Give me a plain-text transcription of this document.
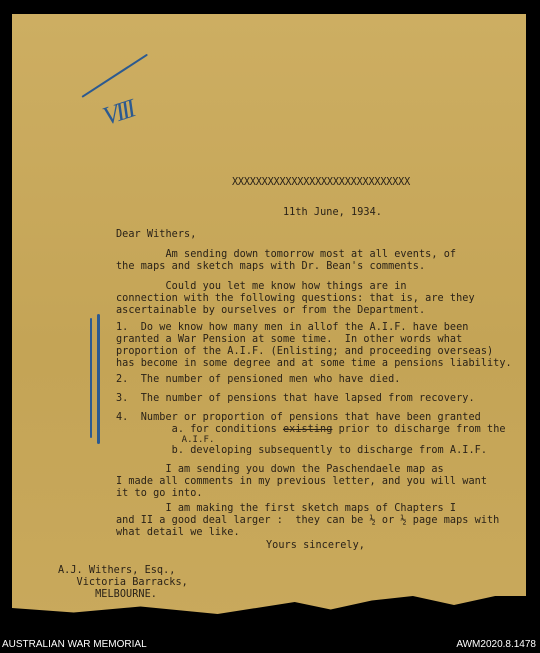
VIII
XXXXXXXXXXXXXXXXXXXXXXXXXXXXXX
11th June, 1934.
Dear Withers,
Am sending down tomorrow most at all events, of
the maps and sketch maps with Dr. Bean's comments.
Could you let me know how things are in
connection with the following questions: that is, are they
ascertainable by ourselves or from the Department.
1.  Do we know how many men in allof the A.I.F. have been
granted a War Pension at some time.  In other words what
proportion of the A.I.F. (Enlisting; and proceeding overseas)
has become in some degree and at some time a pensions liability.
2.  The number of pensioned men who have died.
3.  The number of pensions that have lapsed from recovery.
4.  Number or proportion of pensions that have been granted
a. for conditions existing prior to discharge from the
A.I.F.
b. developing subsequently to discharge from A.I.F.
I am sending you down the Paschendaele map as
I made all comments in my previous letter, and you will want
it to go into.
I am making the first sketch maps of Chapters I
and II a good deal larger :  they can be ½ or ½ page maps with
what detail we like.
Yours sincerely,
A.J. Withers, Esq.,
Victoria Barracks,
MELBOURNE.
AUSTRALIAN WAR MEMORIAL	AWM2020.8.1478
